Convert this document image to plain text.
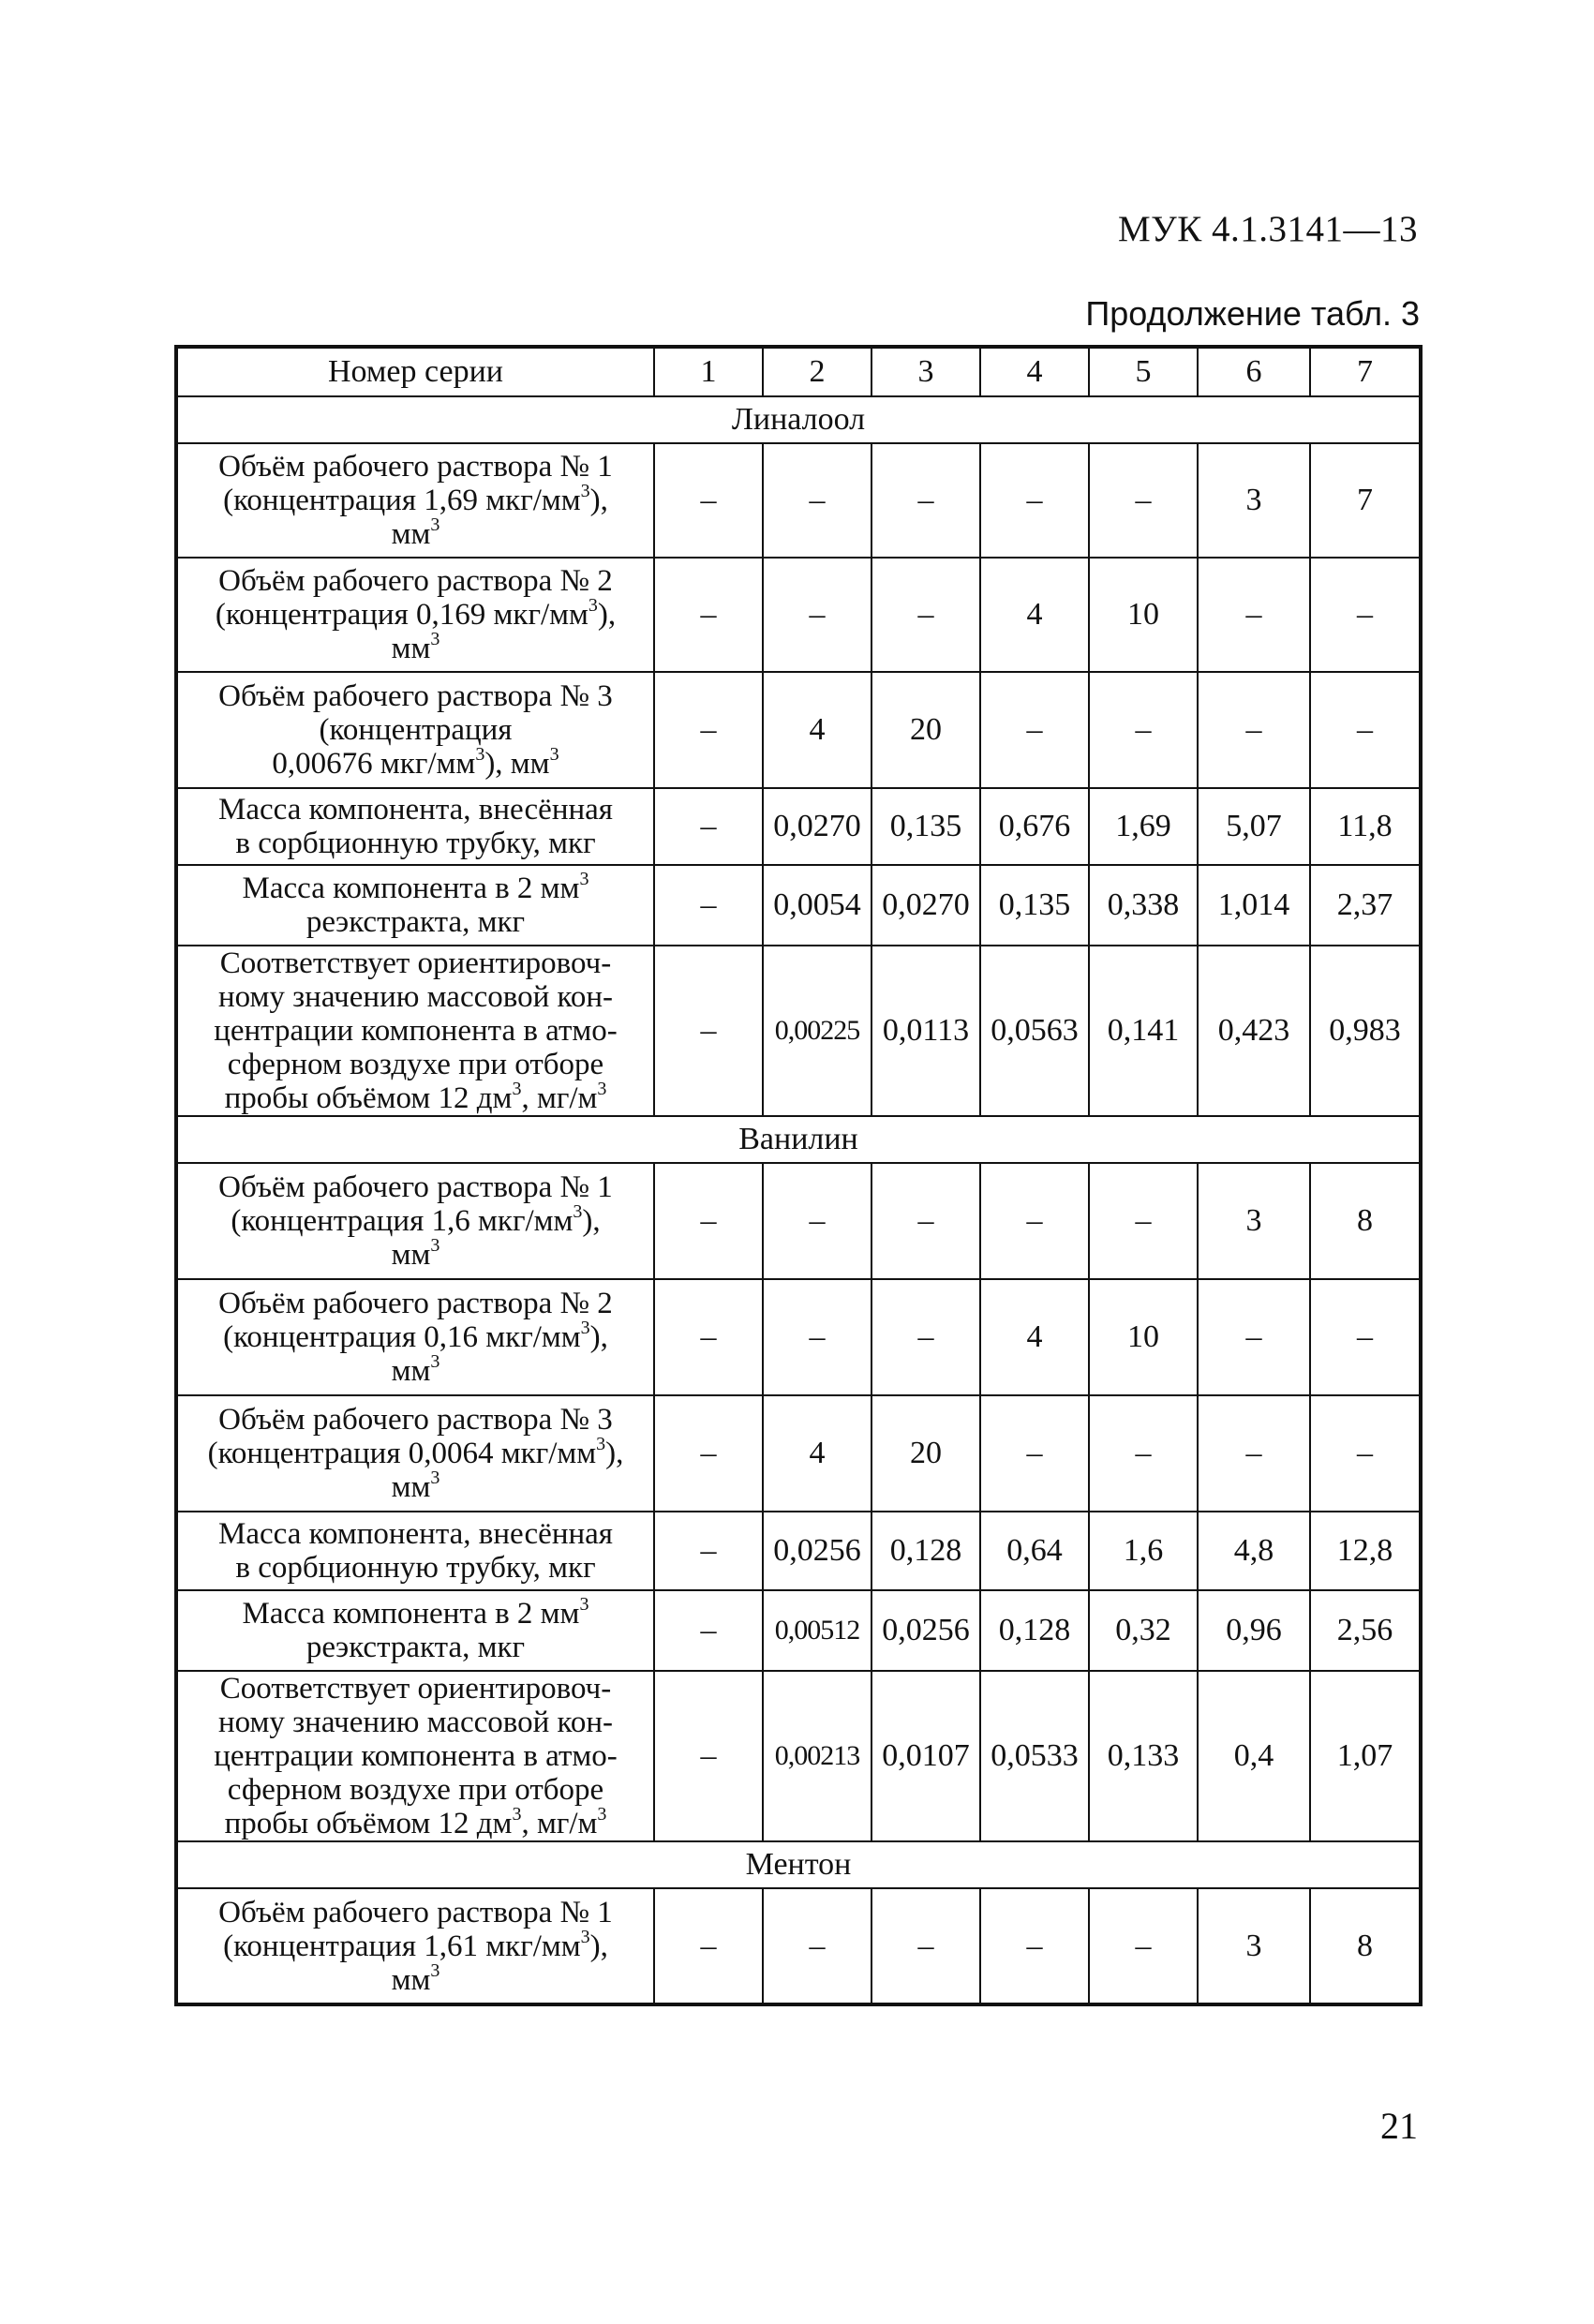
МУК 4.1.3141—13
Продолжение табл. 3
Номер серии	1	2	3	4	5	6	7
Линалоол							
Объём рабочего раствора № 1
(концентрация 1,69 мкг/$мм^3$),
$мм^3$	–	–	–	–	–	3	7
Объём рабочего раствора № 2
(концентрация 0,169 мкг/$мм^3$),
$мм^3$	–	–	–	4	10	–	–
Объём рабочего раствора № 3
(концентрация
0,00676 мкг/$мм^3$), $мм^3$	–	4	20	–	–	–	–
Масса компонента, внесённая
в сорбционную трубку, мкг	–	0,0270	0,135	0,676	1,69	5,07	11,8
Масса компонента в 2 $мм^3$
реэкстракта, мкг	–	0,0054	0,0270	0,135	0,338	1,014	2,37
Соответствует ориентировоч-
ному значению массовой кон-
центрации компонента в атмо-
сферном воздухе при отборе
пробы объёмом 12 $дм^3$, $мг/м^3$	–	0,00225	0,0113	0,0563	0,141	0,423	0,983
Ванилин							
Объём рабочего раствора № 1
(концентрация 1,6 мкг/$мм^3$),
$мм^3$	–	–	–	–	–	3	8
Объём рабочего раствора № 2
(концентрация 0,16 мкг/$мм^3$),
$мм^3$	–	–	–	4	10	–	–
Объём рабочего раствора № 3
(концентрация 0,0064 мкг/$мм^3$),
$мм^3$	–	4	20	–	–	–	–
Масса компонента, внесённая
в сорбционную трубку, мкг	–	0,0256	0,128	0,64	1,6	4,8	12,8
Масса компонента в 2 $мм^3$
реэкстракта, мкг	–	0,00512	0,0256	0,128	0,32	0,96	2,56
Соответствует ориентировоч-
ному значению массовой кон-
центрации компонента в атмо-
сферном воздухе при отборе
пробы объёмом 12 $дм^3$, $мг/м^3$	–	0,00213	0,0107	0,0533	0,133	0,4	1,07
Ментон							
Объём рабочего раствора № 1
(концентрация 1,61 мкг/$мм^3$),
$мм^3$	–	–	–	–	–	3	8
21
